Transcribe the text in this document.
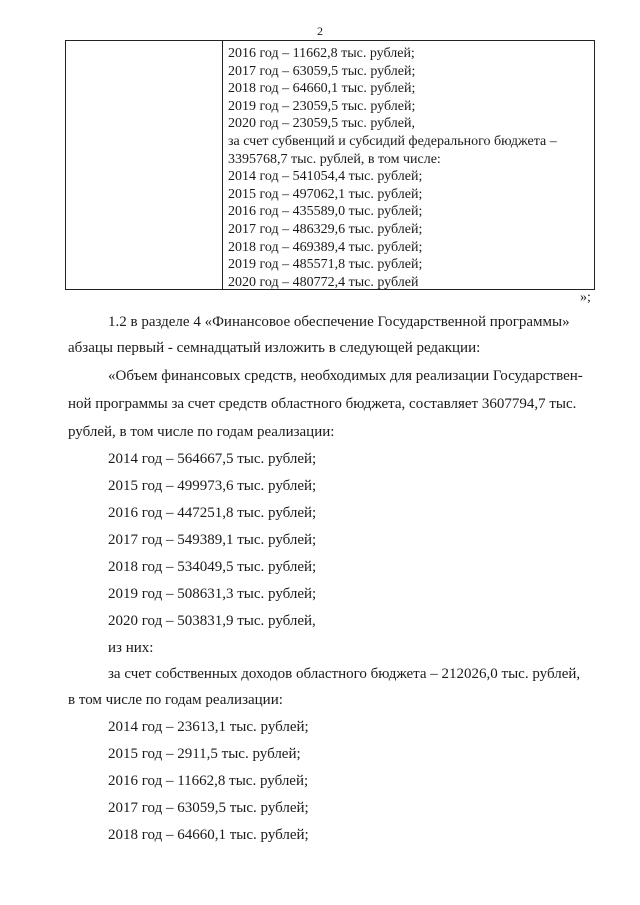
2
2016 год – 11662,8 тыс. рублей;
2017 год – 63059,5 тыс. рублей;
2018 год – 64660,1 тыс. рублей;
2019 год – 23059,5 тыс. рублей;
2020 год – 23059,5 тыс. рублей,
за счет субвенций и субсидий федерального бюджета –
3395768,7 тыс. рублей, в том числе:
2014 год – 541054,4 тыс. рублей;
2015 год – 497062,1 тыс. рублей;
2016 год – 435589,0 тыс. рублей;
2017 год – 486329,6 тыс. рублей;
2018 год – 469389,4 тыс. рублей;
2019 год – 485571,8 тыс. рублей;
2020 год – 480772,4 тыс. рублей
»;
1.2 в разделе 4 «Финансовое обеспечение Государственной программы»
абзацы первый - семнадцатый изложить в следующей редакции:
«Объем финансовых средств, необходимых для реализации Государствен-
ной программы за счет средств областного бюджета, составляет 3607794,7 тыс.
рублей, в том числе по годам реализации:
2014 год – 564667,5 тыс. рублей;
2015 год – 499973,6 тыс. рублей;
2016 год – 447251,8 тыс. рублей;
2017 год – 549389,1 тыс. рублей;
2018 год – 534049,5 тыс. рублей;
2019 год – 508631,3 тыс. рублей;
2020 год – 503831,9 тыс. рублей,
из них:
за счет собственных доходов областного бюджета – 212026,0 тыс. рублей,
в том числе по годам реализации:
2014 год – 23613,1 тыс. рублей;
2015 год – 2911,5 тыс. рублей;
2016 год – 11662,8 тыс. рублей;
2017 год – 63059,5 тыс. рублей;
2018 год – 64660,1 тыс. рублей;
